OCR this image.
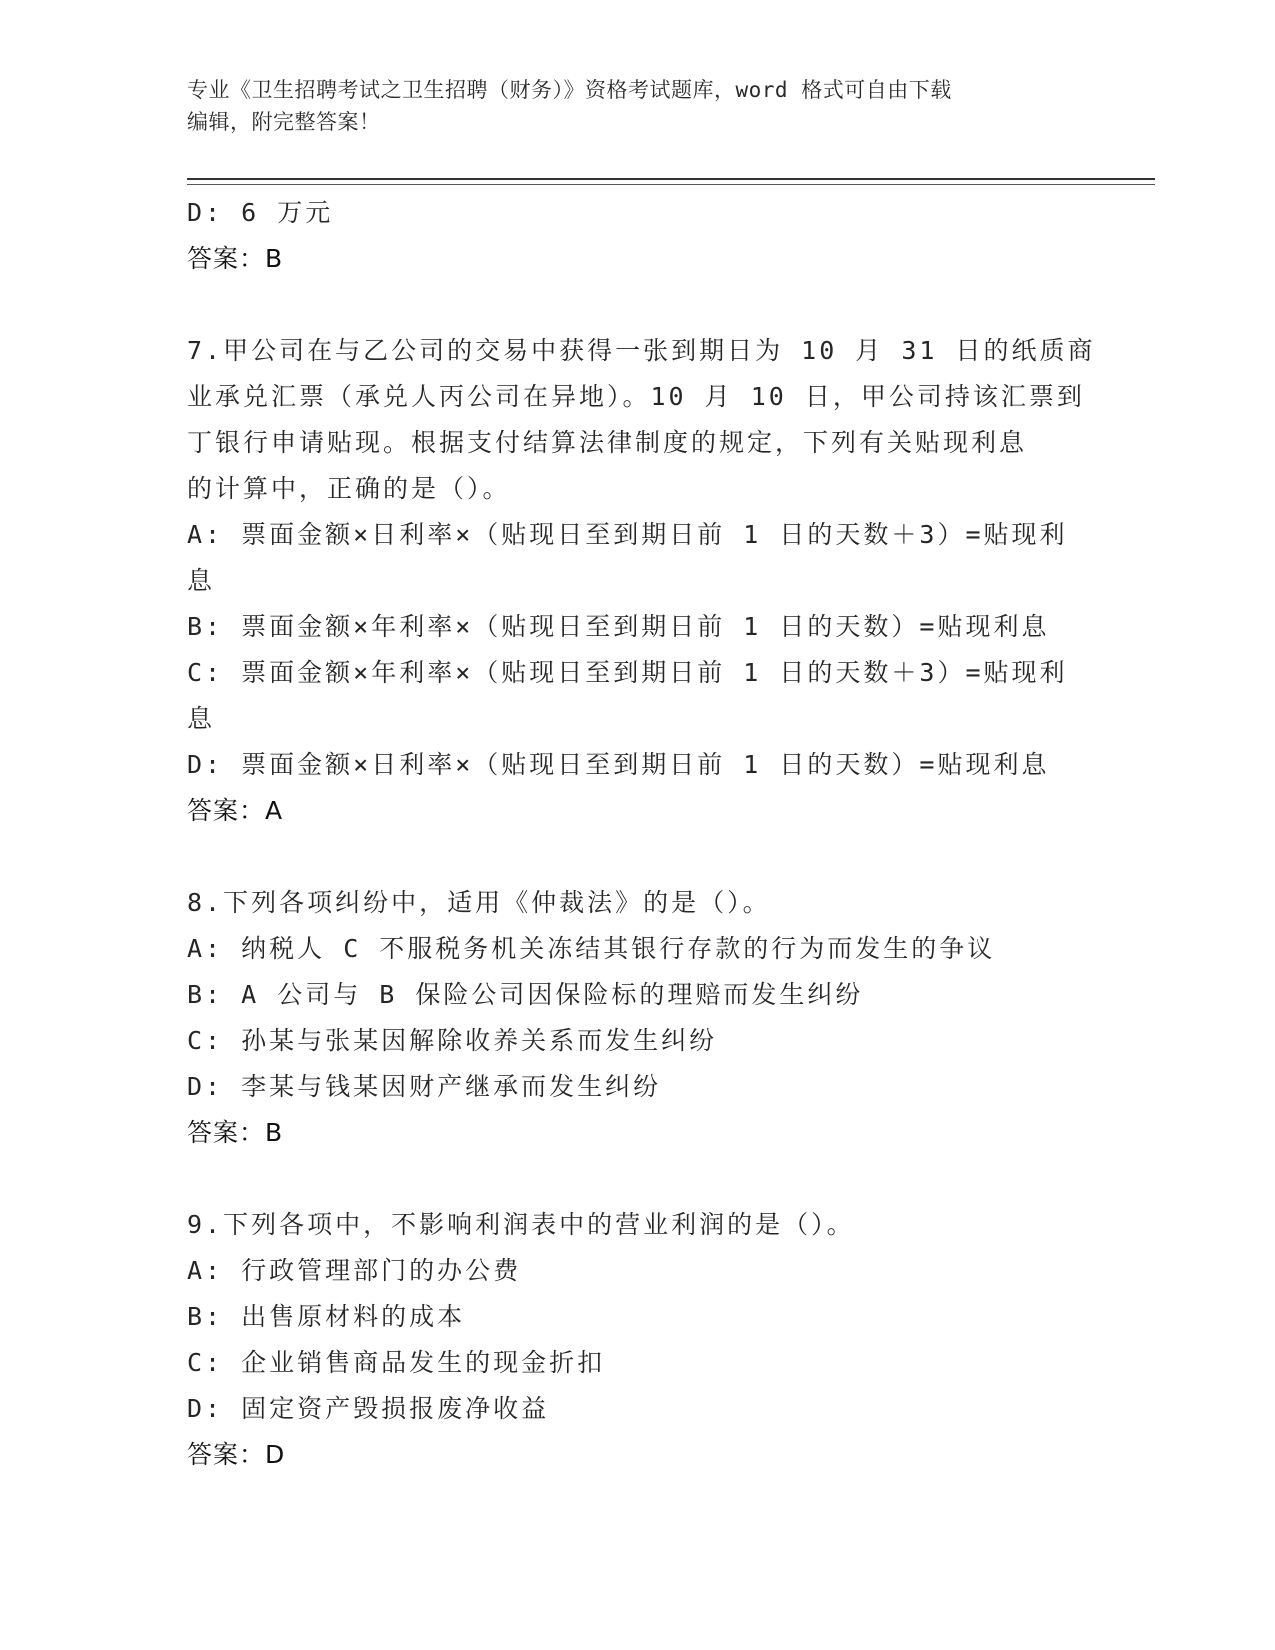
专业《卫生招聘考试之卫生招聘（财务）》资格考试题库，word 格式可自由下载
编辑，附完整答案！
D: 6 万元
答案：B
7.甲公司在与乙公司的交易中获得一张到期日为 10 月 31 日的纸质商
业承兑汇票（承兑人丙公司在异地）。10 月 10 日，甲公司持该汇票到
丁银行申请贴现。根据支付结算法律制度的规定，下列有关贴现利息
的计算中，正确的是（）。
A: 票面金额×日利率×（贴现日至到期日前 1 日的天数＋3）=贴现利
息
B: 票面金额×年利率×（贴现日至到期日前 1 日的天数）=贴现利息
C: 票面金额×年利率×（贴现日至到期日前 1 日的天数＋3）=贴现利
息
D: 票面金额×日利率×（贴现日至到期日前 1 日的天数）=贴现利息
答案：A
8.下列各项纠纷中，适用《仲裁法》的是（）。
A: 纳税人 C 不服税务机关冻结其银行存款的行为而发生的争议
B: A 公司与 B 保险公司因保险标的理赔而发生纠纷
C: 孙某与张某因解除收养关系而发生纠纷
D: 李某与钱某因财产继承而发生纠纷
答案：B
9.下列各项中，不影响利润表中的营业利润的是（）。
A: 行政管理部门的办公费
B: 出售原材料的成本
C: 企业销售商品发生的现金折扣
D: 固定资产毁损报废净收益
答案：D
